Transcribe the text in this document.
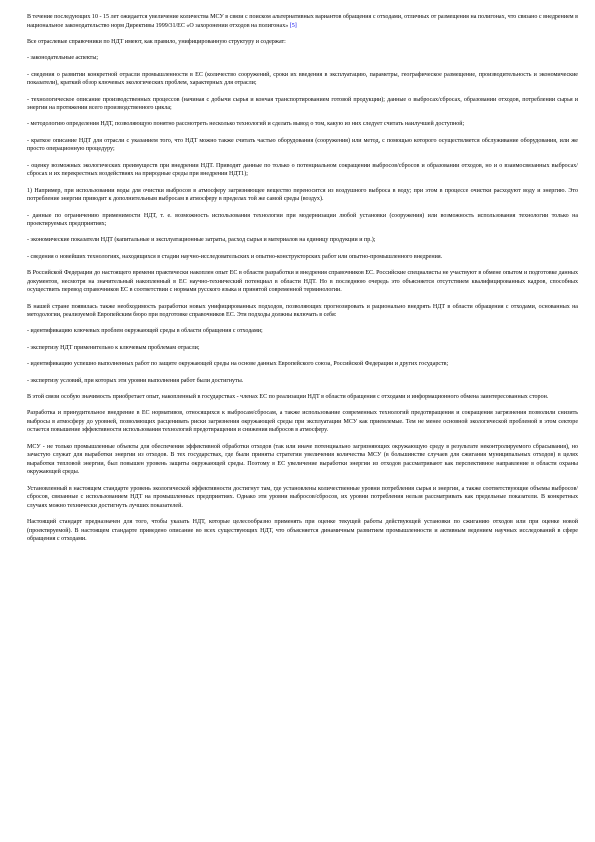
В течение последующих 10 - 15 лет ожидается увеличение количества МСУ в связи с поиском альтернативных вариантов обращения с отходами, отличных от размещения на полигонах, что связано с внедрением в национальное законодательство норм Директивы 1999/31/ЕС «О захоронении отходов на полигонах» [5]
Все отраслевые справочники по НДТ имеют, как правило, унифицированную структуру и содержат:
- законодательные аспекты;
- сведения о развитии конкретной отрасли промышленности в ЕС (количество сооружений, сроки их введения в эксплуатацию, параметры, географическое размещение, производительность и экономические показатели), краткий обзор ключевых экологических проблем, характерных для отрасли;
- технологическое описание производственных процессов (начиная с добычи сырья и кончая транспортированием готовой продукции); данные о выбросах/сбросах, образовании отходов, потреблении сырья и энергии на протяжении всего производственного цикла;
- методологию определения НДТ, позволяющую понятно рассмотреть несколько технологий и сделать вывод о том, какую из них следует считать наилучшей доступной;
- краткое описание НДТ для отрасли с указанием того, что НДТ можно также считать частью оборудования (сооружения) или метод, с помощью которого осуществляется обслуживание оборудования, или же просто операционную процедуру;
- оценку возможных экологических преимуществ при внедрении НДТ. Приводят данные по только о потенциальном сокращении выбросов/сбросов и образовании отходов, но и о взаимосвязанных выбросах/ сбросах и их перекрестных воздействиях на природные среды при внедрении НДТ1);
1) Например, при использовании воды для очистки выбросов в атмосферу загрязняющее вещество переносится из воздушного выброса в воду; при этом в процессе очистки расходуют воду и энергию. Это потребление энергии приводит к дополнительным выбросам в атмосферу в пределах той же самой среды (воздух).
- данные по ограничению применимости НДТ, т. е. возможность использования технологии при модернизации любой установки (сооружения) или возможность использования технологии только на проектируемых предприятиях;
- экономические показатели НДТ (капитальные и эксплуатационные затраты, расход сырья и материалов на единицу продукции и пр.);
- сведения о новейших технологиях, находящихся в стадии научно-исследовательских и опытно-конструкторских работ или опытно-промышленного внедрения.
В Российской Федерации до настоящего времени практически накоплен опыт ЕС в области разработки и внедрения справочников ЕС. Российские специалисты не участвуют в обмене опытом и подготовке данных документов, несмотря на значительный накопленный в ЕС научно-технический потенциал в области НДТ. Но в последнюю очередь это объясняется отсутствием квалифицированных кадров, способных осуществить перевод справочников ЕС в соответствии с нормами русского языка и принятой современной терминологии.
В нашей стране появилась также необходимость разработки новых унифицированных подходов, позволяющих прогнозировать и рационально внедрять НДТ в области обращения с отходами, основанных на методологии, реализуемой Европейским бюро при подготовке справочников ЕС. Эти подходы должны включать в себя:
- идентификацию ключевых проблем окружающей среды в области обращения с отходами;
- экспертизу НДТ применительно к ключевым проблемам отрасли;
- идентификацию успешно выполненных работ по защите окружающей среды на основе данных Европейского союза, Российской Федерации и других государств;
- экспертизу условий, при которых эти уровни выполнения работ были достигнуты.
В этой связи особую значимость приобретает опыт, накопленный в государствах - членах ЕС по реализации НДТ в области обращения с отходами и информационного обмена заинтересованных сторон.
Разработка и принудительное внедрение в ЕС нормативов, относящихся к выбросам/сбросам, а также использование современных технологий предотвращения и сокращения загрязнения позволили снизить выбросы в атмосферу до уровней, позволяющих расценивать риски загрязнения окружающей среды при эксплуатации МСУ как приемлемые. Тем не менее основной экологической проблемой в этом секторе остается повышение эффективности использования технологий предотвращения и снижения выбросов в атмосферу.
МСУ - не только промышленные объекты для обеспечения эффективной обработки отходов (так или иначе потенциально загрязняющих окружающую среду в результате неконтролируемого сбрасывания), но зачастую служат для выработки энергии из отходов. В тех государствах, где были приняты стратегии увеличения количества МСУ (в большинстве случаев для сжигания муниципальных отходов) в целях выработки тепловой энергии, был повышен уровень защиты окружающей среды. Поэтому в ЕС увеличение выработки энергии из отходов рассматривают как перспективное направление в области охраны окружающей среды.
Установленный в настоящем стандарте уровень экологической эффективности достигнут там, где установлены количественные уровни потребления сырья и энергии, а также соответствующие объемы выбросов/сбросов, связанные с использованием НДТ на промышленных предприятиях. Однако эти уровни выбросов/сбросов, их уровни потребления нельзя рассматривать как предельные показатели. В конкретных случаях можно технически достигнуть лучших показателей.
Настоящий стандарт предназначен для того, чтобы указать НДТ, которые целесообразно применять при оценке текущей работы действующей установки по сжиганию отходов или при оценке новой (проектируемой). В настоящем стандарте приведено описание во всех существующих НДТ, что объясняется динамичным развитием промышленности и активным ведением научных исследований в сфере обращения с отходами.
